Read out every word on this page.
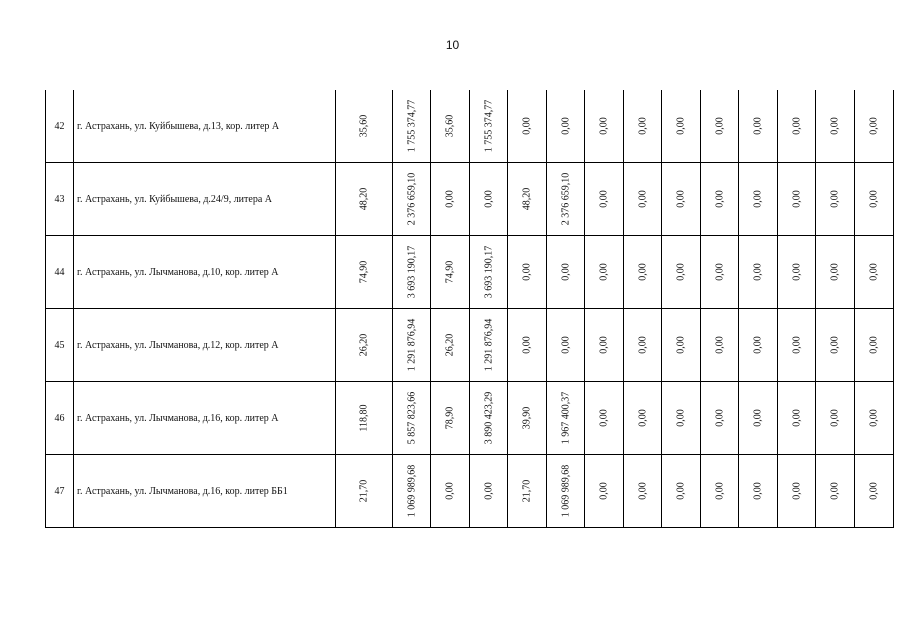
10
42	г. Астрахань, ул. Куйбышева, д.13, кор. литер А	35,60	1 755 374,77	35,60	1 755 374,77	0,00	0,00	0,00	0,00	0,00	0,00	0,00	0,00	0,00	0,00

43	г. Астрахань, ул. Куйбышева, д.24/9, литера А	48,20	2 376 659,10	0,00	0,00	48,20	2 376 659,10	0,00	0,00	0,00	0,00	0,00	0,00	0,00	0,00

44	г. Астрахань, ул. Лычманова, д.10, кор. литер А	74,90	3 693 190,17	74,90	3 693 190,17	0,00	0,00	0,00	0,00	0,00	0,00	0,00	0,00	0,00	0,00

45	г. Астрахань, ул. Лычманова, д.12, кор. литер А	26,20	1 291 876,94	26,20	1 291 876,94	0,00	0,00	0,00	0,00	0,00	0,00	0,00	0,00	0,00	0,00

46	г. Астрахань, ул. Лычманова, д.16, кор. литер А	118,80	5 857 823,66	78,90	3 890 423,29	39,90	1 967 400,37	0,00	0,00	0,00	0,00	0,00	0,00	0,00	0,00

47	г. Астрахань, ул. Лычманова, д.16, кор. литер ББ1	21,70	1 069 989,68	0,00	0,00	21,70	1 069 989,68	0,00	0,00	0,00	0,00	0,00	0,00	0,00	0,00
